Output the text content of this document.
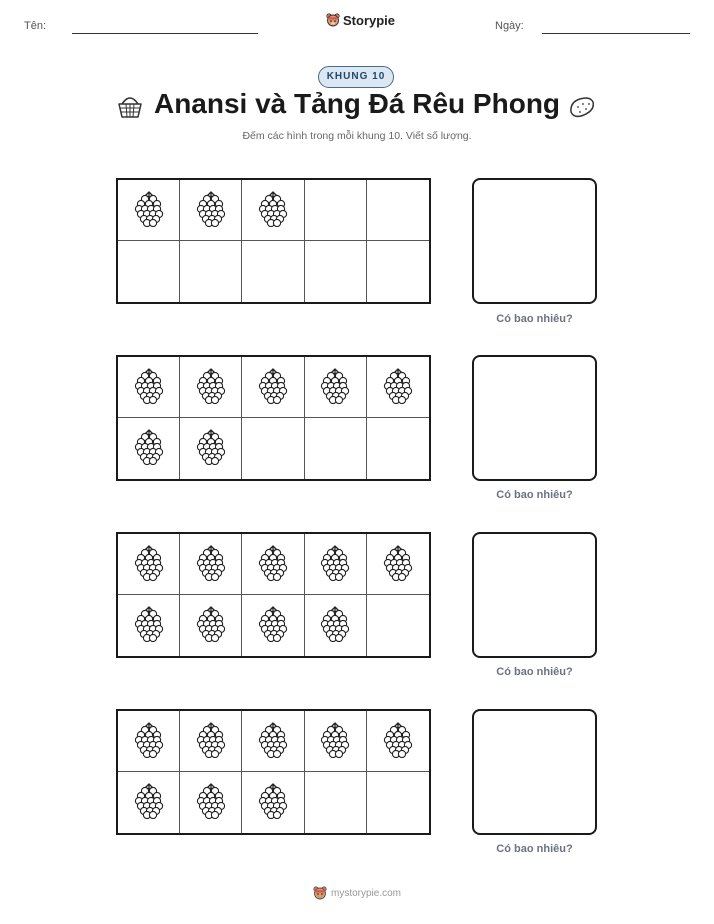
Tên:	Storypie	Ngày:
KHUNG 10
Anansi và Tảng Đá Rêu Phong
Đếm các hình trong mỗi khung 10. Viết số lượng.
Có bao nhiêu?
Có bao nhiêu?
Có bao nhiêu?
Có bao nhiêu?
mystorypie.com
